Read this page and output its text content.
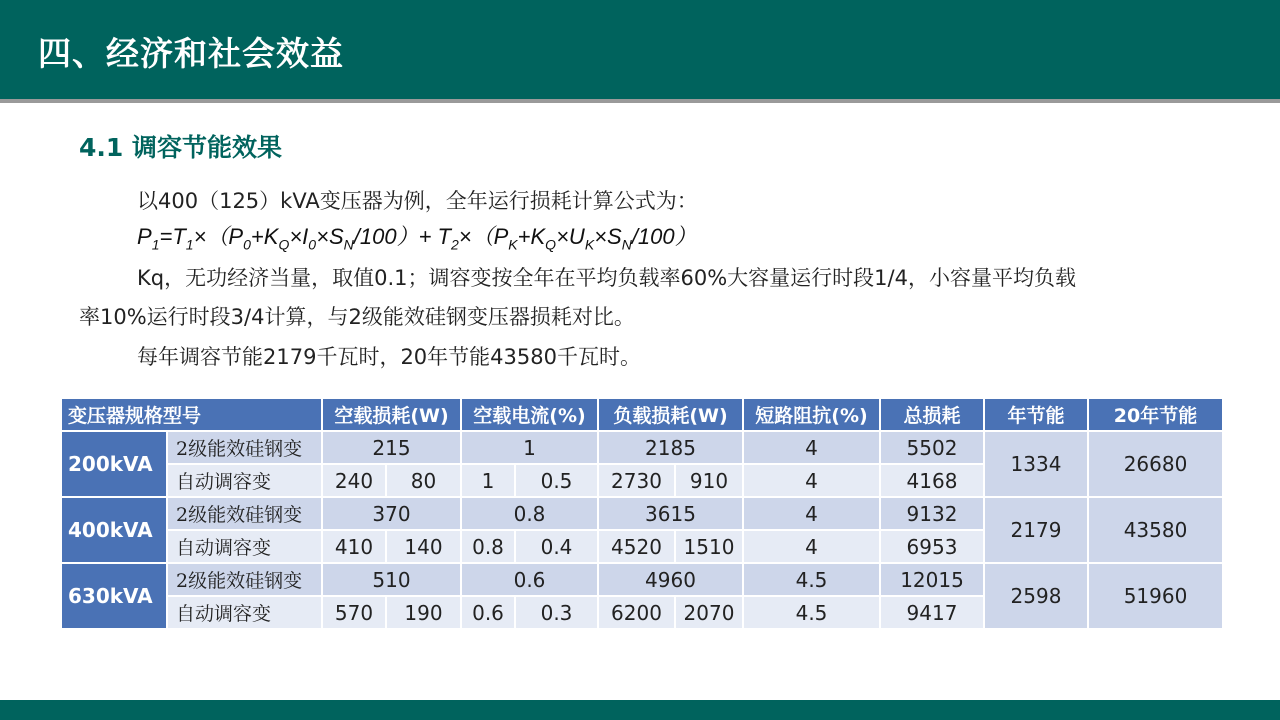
四、经济和社会效益
4.1 调容节能效果
以400（125）kVA变压器为例，全年运行损耗计算公式为：
$P_1=T_1\times(P_0+K_Q\times I_0\times S_N/100)+ T_2\times(P_K+K_Q\times U_K\times S_N/100)$
Kq，无功经济当量，取值0.1；调容变按全年在平均负载率60%大容量运行时段1/4，小容量平均负载
率10%运行时段3/4计算，与2级能效硅钢变压器损耗对比。
每年调容节能2179千瓦时，20年节能43580千瓦时。
变压器规格型号		空载损耗(W)		空载电流(%)		负载损耗(W)		短路阻抗(%)	总损耗	年节能	20年节能
200kVA	2级能效硅钢变	215		1		2185		4	5502	1334	26680
	自动调容变	240	80	1	0.5	2730	910	4	4168		
400kVA	2级能效硅钢变	370		0.8		3615		4	9132	2179	43580
	自动调容变	410	140	0.8	0.4	4520	1510	4	6953		
630kVA	2级能效硅钢变	510		0.6		4960		4.5	12015	2598	51960
	自动调容变	570	190	0.6	0.3	6200	2070	4.5	9417		
